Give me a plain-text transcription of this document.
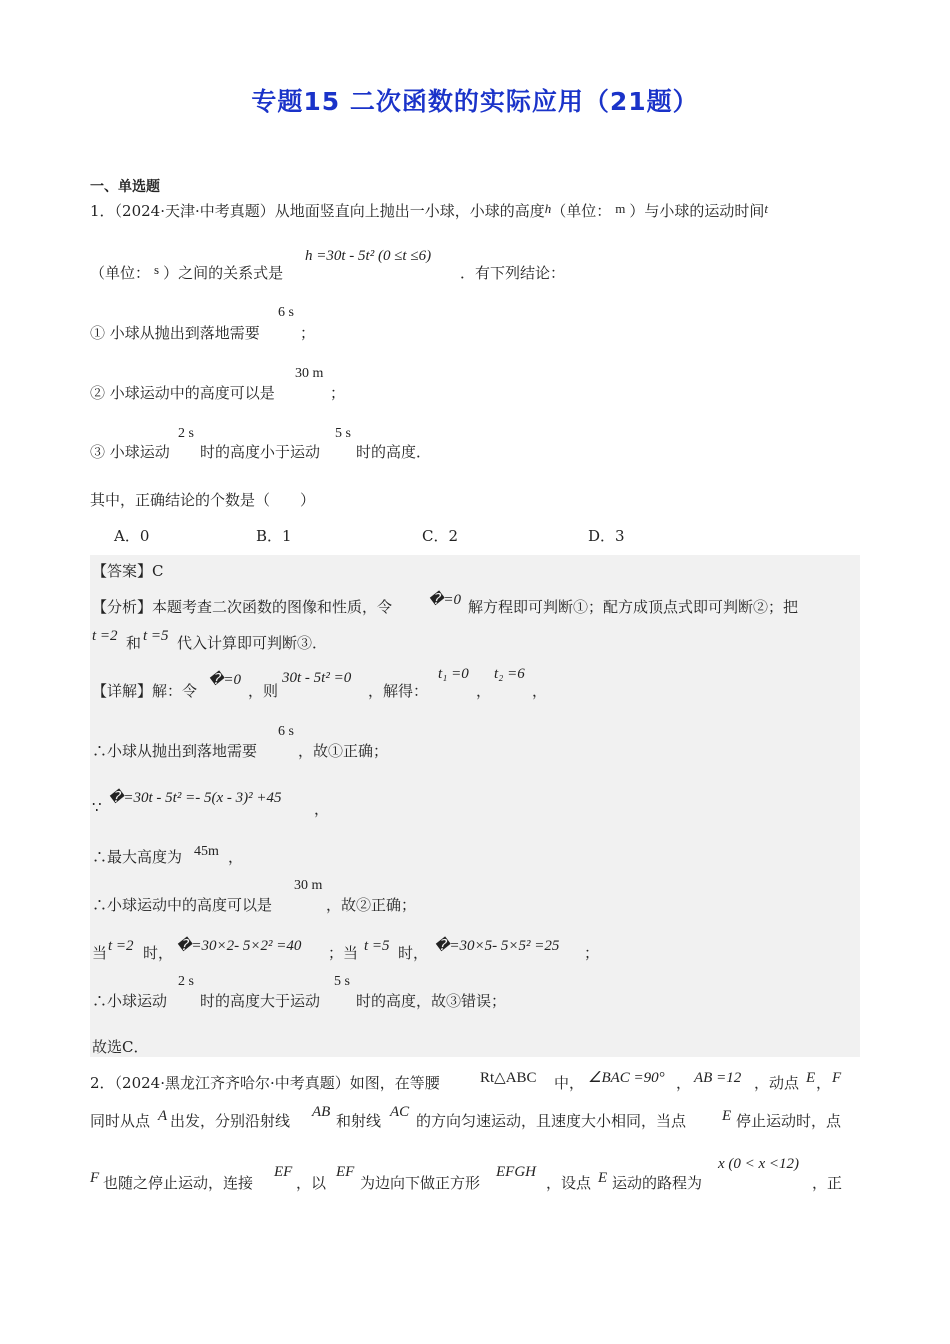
专题15 二次函数的实际应用（21题）
一、单选题
1．（2024·天津·中考真题）从地面竖直向上抛出一小球，小球的高度h（单位： m ）与小球的运动时间t
（单位： s ）之间的关系式是
h =30t - 5t² (0 ≤t ≤6)
．有下列结论：
① 小球从抛出到落地需要
6 s
；
② 小球运动中的高度可以是
30 m
；
③ 小球运动
2 s
时的高度小于运动
5 s
时的高度．
其中，正确结论的个数是（　　）
A．0	B．1	C．2	D．3
【答案】C
【分析】本题考查二次函数的图像和性质，令 �=0 解方程即可判断①；配方成顶点式即可判断②；把
t =2 和 t =5 代入计算即可判断③．
【详解】解：令
�=0
，则
30t - 5t² =0
，解得：
t₁ =0
，
t₂ =6
，
∴小球从抛出到落地需要
6 s
，故①正确；
∵ �=30t - 5t² =- 5(x - 3)² +45
，
∴最大高度为 45m ，
∴小球运动中的高度可以是
30 m
，故②正确；
当 t =2 时， �=30×2- 5×2² =40 ；当 t =5 时， �=30×5- 5×5² =25 ；
∴小球运动
2 s
时的高度大于运动
5 s
时的高度，故③错误；
故选C．
2．（2024·黑龙江齐齐哈尔·中考真题）如图，在等腰	Rt△ABC 中， ∠BAC =90° ， AB =12 ，动点 E ， F
同时从点 A 出发，分别沿射线 AB 和射线 AC 的方向匀速运动，且速度大小相同，当点 E 停止运动时，点
F 也随之停止运动，连接
EF
，以
EF
为边向下做正方形
EFGH
，设点 E 运动的路程为
x (0 < x <12)
，正
